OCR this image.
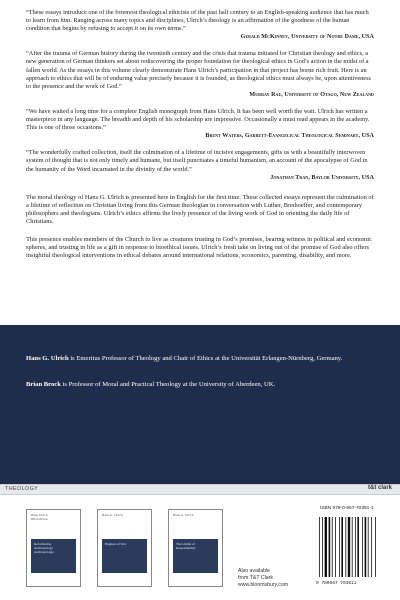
“These essays introduce one of the foremost theological ethicists of the past half century to an English-speaking audience that has much to learn from him. Ranging across many topics and disciplines, Ulrich’s theology is an affirmation of the goodness of the human condition that begins by refusing to accept it on its own terms.”

Gerald McKinney, University of Notre Dame, USA

“After the trauma of German history during the twentieth century and the crisis that trauma initiated for Christian theology and ethics, a new generation of German thinkers set about rediscovering the proper foundation for theological ethics in God’s action in the midst of a fallen world. As the essays in this volume clearly demonstrate Hans Ulrich’s participation in that project has borne rich fruit. Here is an approach to ethics that will be of enduring value precisely because it is founded, as theological ethics must always be, upon attentiveness to the presence and the work of God.”

Murray Rae, University of Otago, New Zealand

“We have waited a long time for a complete English monograph from Hans Ulrich. It has been well worth the wait. Ulrich has written a masterpiece in any language. The breadth and depth of his scholarship are impressive. Occasionally a must read appears in the academy. This is one of those occasions.”

Brent Waters, Garrett-Evangelical Theological Seminary, USA

“The wonderfully crafted collection, itself the culmination of a lifetime of incisive engagements, gifts us with a beautifully interwoven system of thought that is not only timely and humane, but itself punctuates a timeful humanism, an account of the apocalypse of God in the humanity of the Word incarnated in the divinity of the world.”

Jonathan Tran, Baylor University, USA

The moral theology of Hans G. Ulrich is presented here in English for the first time. These collected essays represent the culmination of a lifetime of reflection on Christian living from this German theologian in conversation with Luther, Bonhoeffer, and contemporary philosophers and theologians. Ulrich’s ethics affirms the lively presence of the living work of God in orienting the daily life of Christians.

This presence enables members of the Church to live as creatures trusting in God’s promises, bearing witness in political and economic spheres, and trusting in life as a gift in response to bioethical issues. Ulrich’s fresh take on living out of the promise of God also offers insightful theological interventions in ethical debates around international relations, economics, parenting, disability, and more.

Hans G. Ulrich is Emeritus Professor of Theology and Chair of Ethics at the Universität Erlangen-Nürnberg, Germany.

Brian Brock is Professor of Moral and Practical Theology at the University of Aberdeen, UK.

THEOLOGY	t&t clark
Hans Ulrich
Brian Brock
Reformation
Anthropology
Anthropologie
Hans G. Ulrich
Engines of War
Hans G. Ulrich
The Limits of
Responsibility
Also available
from T&T Clark
www.bloomsbury.com
ISBN 978-0-567-70381-1
9 780567 703811
